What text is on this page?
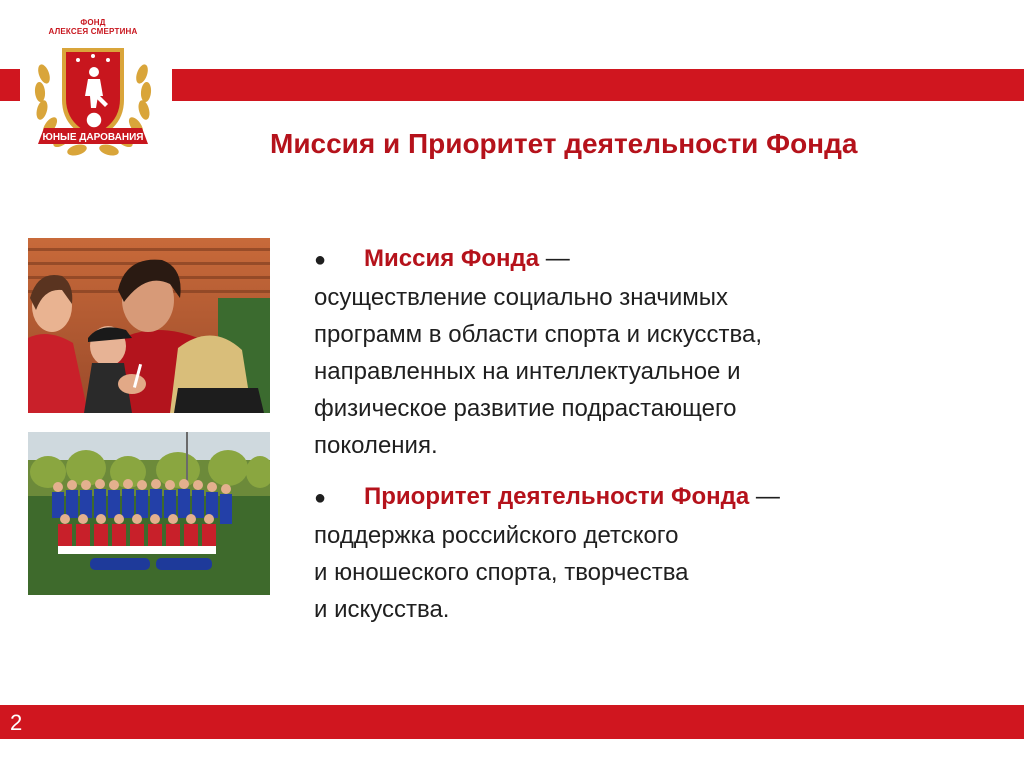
ФОНД
АЛЕКСЕЯ СМЕРТИНА
ЮНЫЕ ДАРОВАНИЯ	Миссия и Приоритет деятельности Фонда

● Миссия Фонда —
осуществление социально значимых
программ в области спорта и искусства,
направленных на интеллектуальное и
физическое развитие подрастающего
поколения.

● Приоритет деятельности Фонда —
поддержка российского детского
и юношеского спорта, творчества
и искусства.

2
